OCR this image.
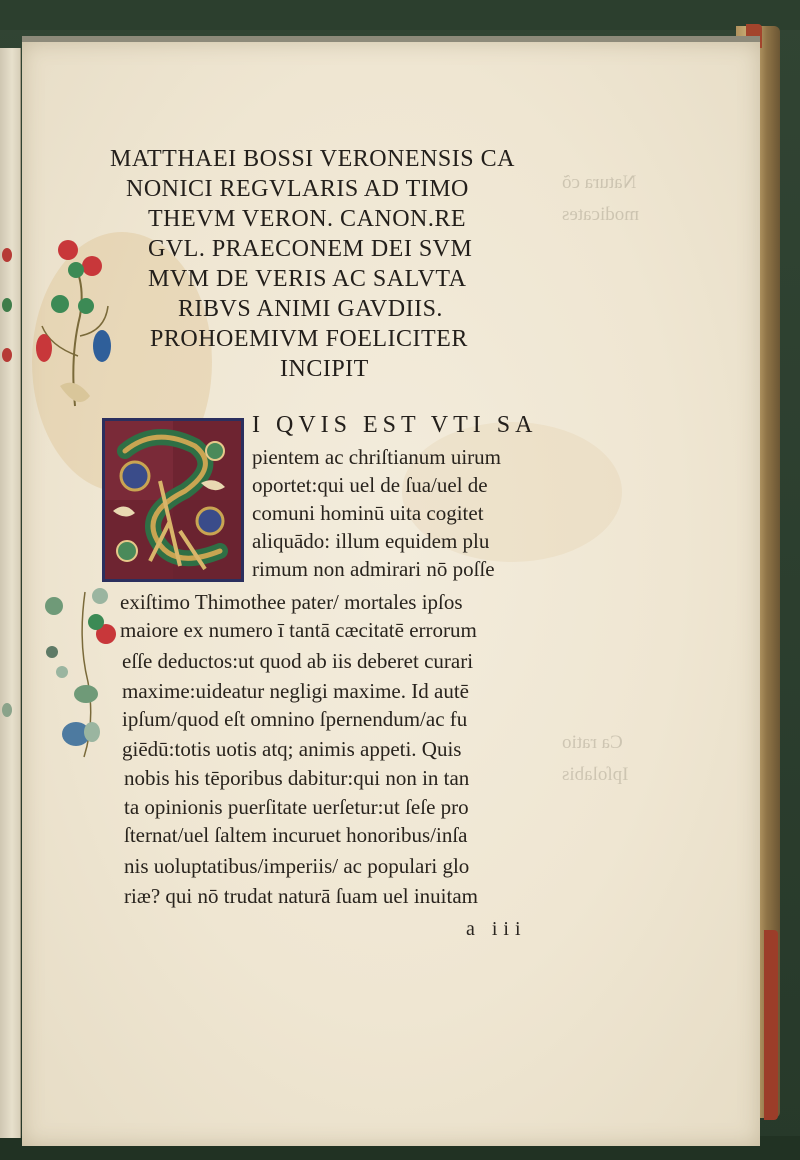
Natura cõ
modicates
Ca ratio
Ipſolabis
MATTHAEI BOSSI VERONENSIS CA
NONICI REGVLARIS AD TIMO
THEVM VERON. CANON.RE
GVL. PRAECONEM DEI SVM
MVM DE VERIS AC SALVTA
RIBVS ANIMI GAVDIIS.
PROHOEMIVM FOELICITER
INCIPIT
I QVIS EST VTI SA
pientem ac chriſtianum uirum
oportet:qui uel de ſua/uel de
comuni hominū uita cogitet
aliquādo: illum equidem plu
rimum non admirari nō poſſe
exiſtimo Thimothee pater/ mortales ipſos
maiore ex numero ī tantā cæcitatē errorum
eſſe deductos:ut quod ab iis deberet curari
maxime:uideatur negligi maxime. Id autē
ipſum/quod eſt omnino ſpernendum/ac fu
giēdū:totis uotis atq; animis appeti. Quis
nobis his tēporibus dabitur:qui non in tan
ta opinionis puerſitate uerſetur:ut ſeſe pro
ſternat/uel ſaltem incuruet honoribus/inſa
nis uoluptatibus/imperiis/ ac populari glo
riæ? qui nō trudat naturā ſuam uel inuitam
a iii
